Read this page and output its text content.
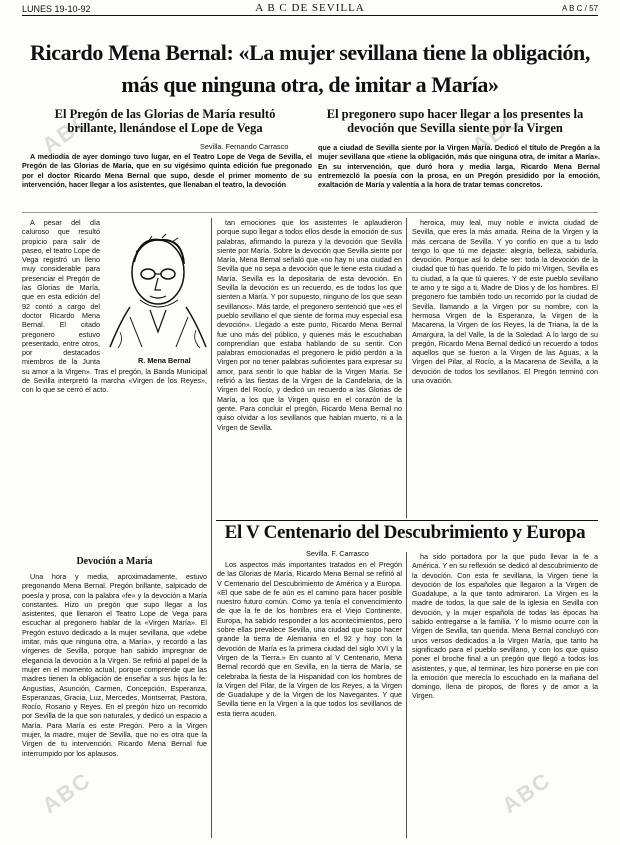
ABC	ABC
ABC	ABC
LUNES 19-10-92	A B C DE SEVILLA	A B C / 57
Ricardo Mena Bernal: «La mujer sevillana tiene la obligación,
más que ninguna otra, de imitar a María»
El Pregón de las Glorias de María resultó brillante, llenándose el Lope de Vega
El pregonero supo hacer llegar a los presentes la devoción que Sevilla siente por la Virgen
Sevilla. Fernando Carrasco

A mediodía de ayer domingo tuvo lugar, en el Teatro Lope de Vega de Sevilla, el Pregón de las Glorias de María, que en su vigésimo quinta edición fue pregonado por el doctor Ricardo Mena Bernal que supo, desde el primer momento de su intervención, hacer llegar a los asistentes, que llenaban el teatro, la devoción

que a ciudad de Sevilla siente por la Virgen María. Dedicó el título de Pregón a la mujer sevillana que «tiene la obligación, más que ninguna otra, de imitar a María». En su intervención, que duró hora y media larga, Ricardo Mena Bernal entremezcló la poesía con la prosa, en un Pregón presidido por la emoción, exaltación de María y valentía a la hora de tratar temas concretos.

R. Mena Bernal

A pesar del día caluroso que resultó propicio para salir de paseo, el teatro Lope de Vega registró un lleno muy considerable para presenciar el Pregón de las Glorias de María, que en esta edición del 92 contó a cargo del doctor Ricardo Mena Bernal. El citado pregonero estuvo presentado, entre otros, por destacados miembros de la Junta

su amor a la Virgen». Tras el pregón, la Banda Municipal de Sevilla interpretó la marcha «Virgen de los Reyes», con lo que se cerró el acto.

Devoción a María

Una hora y media, aproximadamente, estuvo pregonando Mena Bernal. Pregón brillante, salpicado de poesía y prosa, con la palabra «fe» y la devoción a María constantes. Hizo un pregón que supo llegar a los asistentes, que llenaron el Teatro Lope de Vega para escuchar al pregonero hablar de la «Virgen María». El Pregón estuvo dedicado a la mujer sevillana, que «debe imitar, más que ninguna otra, a María», y recordó a las vírgenes de Sevilla, porque han sabido impregnar de elegancia la devoción a la Virgen. Se refirió al papel de la mujer en el momento actual, porque comprende que las madres tienen la obligación de enseñar a sus hijos la fe: Angustias, Asunción, Carmen, Concepción, Esperanza, Esperanzas, Gracia, Luz, Mercedes, Montserrat, Pastora, Rocío, Rosario y Reyes. En el pregón hizo un recorrido por Sevilla de la que son naturales, y dedicó un espacio a María. Para María es este Pregón. Pero a la Virgen mujer, la madre, mujer de Sevilla, que no es otra que la Virgen de tu intervención. Ricardo Mena Bernal fue interrumpido por los aplausos.

tan emociones que los asistentes le aplaudieron porque supo llegar a todos ellos desde la emoción de sus palabras, afirmando la pureza y la devoción que Sevilla siente por María. Sobre la devoción que Sevilla siente por María, Mena Bernal señaló que «no hay ni una ciudad en Sevilla que no sepa a devoción que le tiene esta ciudad a María. Sevilla es la depositaria de esta devoción. En Sevilla la devoción es un recuerdo, es de todos los que sienten a María. Y por supuesto, ninguno de los que sean sevillanos». Más tarde, el pregonero sentenció que «es el pueblo sevillano el que siente de forma muy especial esa devoción». Llegado a este punto, Ricardo Mena Bernal fue uno más del público, y quienes más le escuchaban comprendían que estaba hablando de su sentir. Con palabras emocionadas el pregonero le pidió perdón a la Virgen por no tener palabras suficientes para expresar su amor, para sentir lo que hablar de la Virgen María. Se refirió a las fiestas de la Virgen de la Candelaria, de la Virgen del Rocío, y dedicó un recuerdo a las Glorias de María, a los que la Virgen quiso en el corazón de la gente. Para concluir el pregón, Ricardo Mena Bernal no quiso olvidar a los sevillanos que habían muerto, ni a la Virgen de Sevilla.

heroica, muy leal, muy noble e invicta ciudad de Sevilla, que eres la más amada. Reina de la Virgen y la más cercana de Sevilla. Y yo confío en que a tu lado tengo lo que tú me dejaste: alegría, belleza, sabiduría, devoción. Porque así lo debe ser: toda la devoción de la ciudad que tú has querido. Te lo pido mi Virgen, Sevilla es tu ciudad, a la que tú quieres. Y de este pueblo sevillano te amo y te sigo a ti, Madre de Dios y de los hombres. El pregonero fue también todo un recorrido por la ciudad de Sevilla, llamando a la Virgen por su nombre, con la hermosa Virgen de la Esperanza, la Virgen de la Macarena, la Virgen de los Reyes, la de Triana, la de la Amargura, la del Valle, la de la Soledad. A lo largo de su pregón, Ricardo Mena Bernal dedicó un recuerdo a todos aquellos que se fueron a la Virgen de las Aguas, a la Virgen del Pilar, al Rocío, a la Macarena de Sevilla, a la devoción de todos los sevillanos. El Pregón terminó con una ovación.

El V Centenario del Descubrimiento y Europa
Sevilla. F. Carrasco

Los aspectos más importantes tratados en el Pregón de las Glorias de María, Ricardo Mena Bernal se refirió al V Centenario del Descubrimiento de América y a Europa. «El que sabe de fe aún es el camino para hacer posible nuestro futuro común. Como ya tenía el convencimiento de que la fe de los hombres era el Viejo Continente, Europa, ha sabido responder a los acontecimientos, pero sobre ellas prevalece Sevilla, una ciudad que supo hacer grande la tierra de Alemania en el 92 y hoy con la devoción de María es la primera ciudad del siglo XVI y la Virgen de la Tierra.» En cuanto al V Centenario, Mena Bernal recordó que en Sevilla, en la tierra de María, se celebraba la fiesta de la Hispanidad con los hombres de la Virgen del Pilar, de la Virgen de los Reyes, a la Virgen de Guadalupe y de la Virgen de los Navegantes. Y que Sevilla tiene en la Virgen a la que todos los sevillanos de esta tierra acuden.

ha sido portadora por la que pudo llevar la fe a América. Y en su reflexión se dedicó al descubrimiento de la devoción. Con esta fe sevillana, la Virgen tiene la devoción de los españoles que llegaron a la Virgen de Guadalupe, a la que tanto admiraron. La Virgen es la madre de todos, la que sale de la iglesia en Sevilla con devoción, y la mujer española de todas las épocas ha sabido entregarse a la familia. Y lo mismo ocurre con la Virgen de Sevilla, tan querida. Mena Bernal concluyó con unos versos dedicados a la Virgen María, que tanto ha significado para el pueblo sevillano, y con los que quiso poner el broche final a un pregón que llegó a todos los asistentes, y que, al terminar, les hizo ponerse en pie con la emoción que merecía lo escuchado en la mañana del domingo, llena de piropos, de flores y de amor a la Virgen.
